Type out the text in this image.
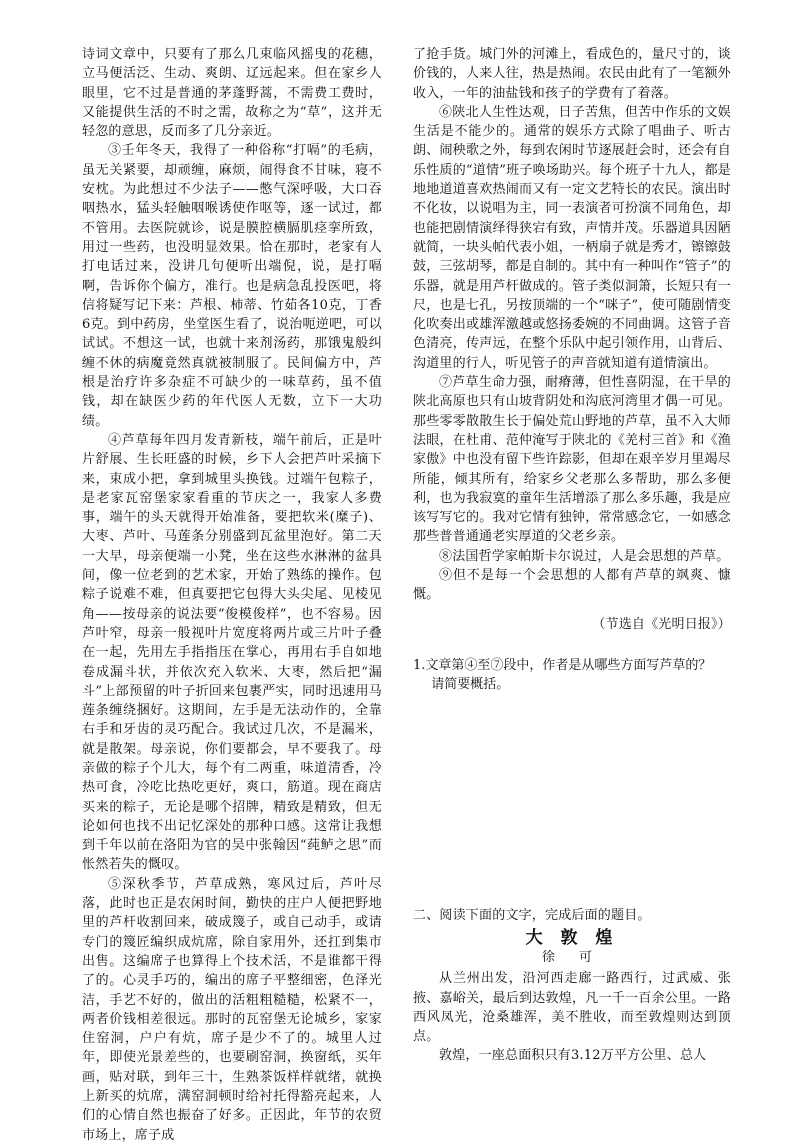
诗词文章中，只要有了那么几束临风摇曳的花穗，立马便活泛、生动、爽朗、辽远起来。但在家乡人眼里，它不过是普通的茅蓬野蒿，不需费工费时，又能提供生活的不时之需，故称之为“草”，这并无轻忽的意思，反而多了几分亲近。

③壬年冬天，我得了一种俗称“打嗝”的毛病，虽无关紧要，却顽缠，麻烦，闹得食不甘味，寝不安枕。为此想过不少法子——憋气深呼吸，大口吞咽热水，猛头轻触咽喉诱使作呕等，逐一试过，都不管用。去医院就诊，说是膜腔横膈肌痉挛所致，用过一些药，也没明显效果。恰在那时，老家有人打电话过来，没讲几句便听出端倪，说，是打嗝啊，告诉你个偏方，准行。也是病急乱投医吧，将信将疑写记下来：芦根、柿蒂、竹茹各10克，丁香6克。到中药房，坐堂医生看了，说治呃逆吧，可以试试。不想这一试，也就十来剂汤药，那饿鬼般纠缠不休的病魔竟然真就被制服了。民间偏方中，芦根是治疗许多杂症不可缺少的一味草药，虽不值钱，却在缺医少药的年代医人无数，立下一大功绩。

④芦草每年四月发青新枝，端午前后，正是叶片舒展、生长旺盛的时候，乡下人会把芦叶采摘下来，束成小把，拿到城里头换钱。过端午包粽子，是老家瓦窑堡家家看重的节庆之一，我家人多费事，端午的头天就得开始准备，要把软米(糜子)、大枣、芦叶、马莲条分别盛到瓦盆里泡好。第二天一大早，母亲便端一小凳，坐在这些水淋淋的盆具间，像一位老到的艺术家，开始了熟练的操作。包粽子说难不难，但真要把它包得大头尖尾、见棱见角——按母亲的说法要“俊模俊样”，也不容易。因芦叶窄，母亲一般视叶片宽度将两片或三片叶子叠在一起，先用左手指指压在掌心，再用右手自如地卷成漏斗状，并依次充入软米、大枣，然后把“漏斗”上部预留的叶子折回来包裹严实，同时迅速用马莲条缠绕捆好。这期间，左手是无法动作的，全靠右手和牙齿的灵巧配合。我试过几次，不是漏米，就是散架。母亲说，你们要都会，早不要我了。母亲做的粽子个儿大，每个有二两重，味道清香，冷热可食，冷吃比热吃更好，爽口，筋道。现在商店买来的粽子，无论是哪个招牌，精致是精致，但无论如何也找不出记忆深处的那种口感。这常让我想到千年以前在洛阳为官的吴中张翰因“莼鲈之思”而怅然若失的慨叹。

⑤深秋季节，芦草成熟，寒风过后，芦叶尽落，此时也正是农闲时间，勤快的庄户人便把野地里的芦杆收割回来，破成篾子，或自己动手，或请专门的篾匠编织成炕席，除自家用外，还扛到集市出售。这编席子也算得上个技术活，不是谁都干得了的。心灵手巧的，编出的席子平整细密，色泽光洁，手艺不好的，做出的活粗粗糙糙，松紧不一，两者价钱相差很远。那时的瓦窑堡无论城乡，家家住窑洞，户户有炕，席子是少不了的。城里人过年，即使光景差些的，也要刷窑洞，换窗纸，买年画，贴对联，到年三十，生熟茶饭样样就绪，就换上新买的炕席，满窑洞顿时给衬托得豁亮起来，人们的心情自然也振奋了好多。正因此，年节的农贸市场上，席子成

了抢手货。城门外的河滩上，看成色的，量尺寸的，谈价钱的，人来人往，热是热闹。农民由此有了一笔额外收入，一年的油盐钱和孩子的学费有了着落。

⑥陕北人生性达观，日子苦焦，但苦中作乐的文娱生活是不能少的。通常的娱乐方式除了唱曲子、听古朗、闹秧歌之外，每到农闲时节逐展赶会时，还会有自乐性质的“道情”班子唤场助兴。每个班子十九人，都是地地道道喜欢热闹而又有一定文艺特长的农民。演出时不化妆，以说唱为主，同一表演者可扮演不同角色，却也能把剧情演绎得狭宕有致，声情并茂。乐器道具因陋就简，一块头帕代表小姐，一柄扇子就是秀才，镲镲鼓鼓，三弦胡琴，都是自制的。其中有一种叫作“管子”的乐器，就是用芦杆做成的。管子类似洞箫，长短只有一尺，也是七孔，另按顶端的一个“咪子”，使可随剧情变化吹奏出或雄浑激越或悠扬委婉的不同曲调。这管子音色清亮，传声远，在整个乐队中起引领作用，山背后、沟道里的行人，听见管子的声音就知道有道情演出。

⑦芦草生命力强，耐瘠薄，但性喜阴湿，在干旱的陕北高原也只有山坡背阴处和沟底河湾里才偶一可见。那些零零散散生长于偏处荒山野地的芦草，虽不入大师法眼，在杜甫、范仲淹写于陕北的《羌村三首》和《渔家傲》中也没有留下些许踪影，但却在艰辛岁月里竭尽所能，倾其所有，给家乡父老那么多帮助，那么多便利，也为我寂寞的童年生活增添了那么多乐趣，我是应该写写它的。我对它情有独钟，常常感念它，一如感念那些普普通通老实厚道的父老乡亲。

⑧法国哲学家帕斯卡尔说过，人是会思想的芦草。

⑨但不是每一个会思想的人都有芦草的飒爽、慷慨。

（节选自《光明日报》）

1.文章第④至⑦段中，作者是从哪些方面写芦草的？
请简要概括。

二、阅读下面的文字，完成后面的题目。

大 敦 煌
徐 可

从兰州出发，沿河西走廊一路西行，过武威、张掖、嘉峪关，最后到达敦煌，凡一千一百余公里。一路西风凤光，沧桑雄浑，美不胜收，而至敦煌则达到顶点。

敦煌，一座总面积只有3.12万平方公里、总人
